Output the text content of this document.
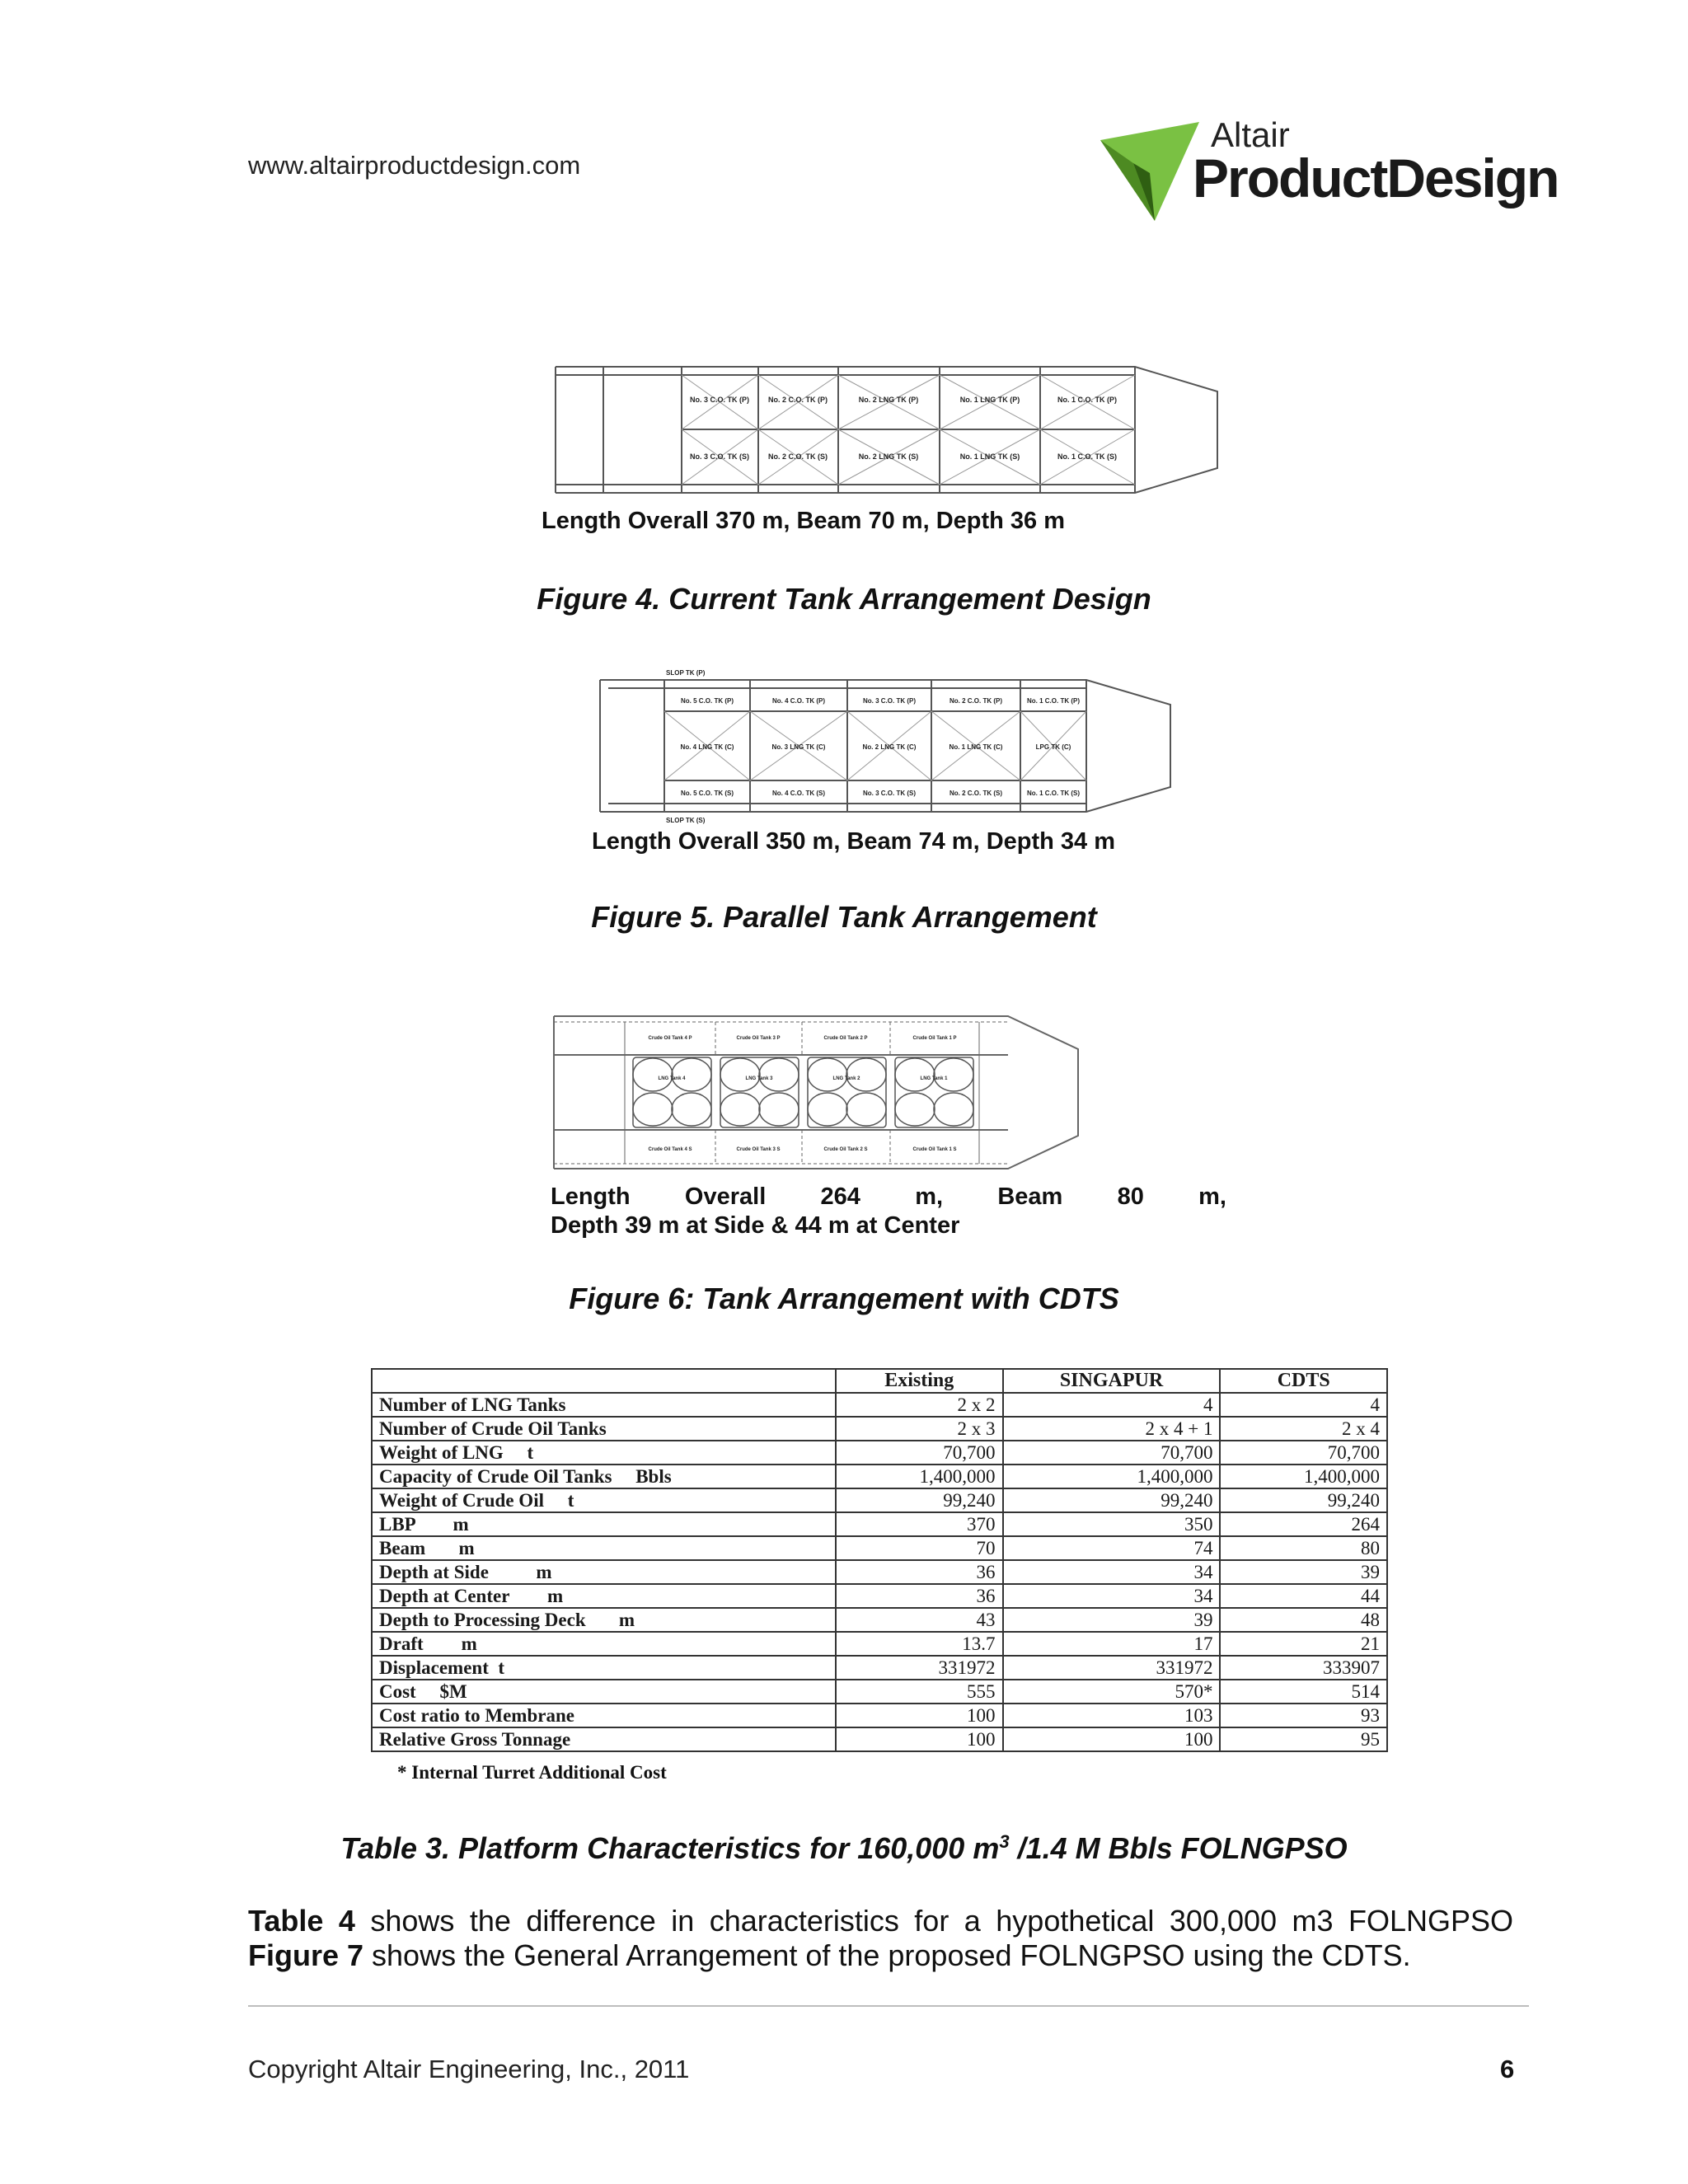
www.altairproductdesign.com
Altair
ProductDesign
No. 3 C.O. TK (P)	No. 2 C.O. TK (P)	No. 2 LNG TK (P)	No. 1 LNG TK (P)	No. 1 C.O. TK (P)
No. 3 C.O. TK (S)	No. 2 C.O. TK (S)	No. 2 LNG TK (S)	No. 1 LNG TK (S)	No. 1 C.O. TK (S)
Length Overall 370 m, Beam 70 m, Depth 36 m
Figure 4. Current Tank Arrangement Design
SLOP TK (P)
SLOP TK (S)
No. 5 C.O. TK (P)	No. 4 C.O. TK (P)	No. 3 C.O. TK (P)	No. 2 C.O. TK (P)	No. 1 C.O. TK (P)
No. 4 LNG TK (C)	No. 3 LNG TK (C)	No. 2 LNG TK (C)	No. 1 LNG TK (C)	LPG TK (C)
No. 5 C.O. TK (S)	No. 4 C.O. TK (S)	No. 3 C.O. TK (S)	No. 2 C.O. TK (S)	No. 1 C.O. TK (S)
Length Overall 350 m, Beam 74 m, Depth 34 m
Figure 5. Parallel Tank Arrangement
Crude Oil Tank 4 P	Crude Oil Tank 3 P	Crude Oil Tank 2 P	Crude Oil Tank 1 P
LNG Tank 4	LNG Tank 3	LNG Tank 2	LNG Tank 1
Crude Oil Tank 4 S	Crude Oil Tank 3 S	Crude Oil Tank 2 S	Crude Oil Tank 1 S
Length Overall 264 m, Beam 80 m,
Depth 39 m at Side & 44 m at Center
Figure 6: Tank Arrangement with CDTS
	Existing	SINGAPUR	CDTS
Number of LNG Tanks	2 x 2	4	4
Number of Crude Oil Tanks	2 x 3	2 x 4 + 1	2 x 4
Weight of LNG     t	70,700	70,700	70,700
Capacity of Crude Oil Tanks     Bbls	1,400,000	1,400,000	1,400,000
Weight of Crude Oil     t	99,240	99,240	99,240
LBP        m	370	350	264
Beam       m	70	74	80
Depth at Side          m	36	34	39
Depth at Center        m	36	34	44
Depth to Processing Deck       m	43	39	48
Draft        m	13.7	17	21
Displacement  t	331972	331972	333907
Cost     $M	555	570*	514
Cost ratio to Membrane	100	103	93
Relative Gross Tonnage	100	100	95
* Internal Turret Additional Cost
Table 3. Platform Characteristics for 160,000 $m^3$ /1.4 M Bbls FOLNGPSO
Table 4 shows the difference in characteristics for a hypothetical 300,000 m3 FOLNGPSO
Figure 7 shows the General Arrangement of the proposed FOLNGPSO using the CDTS.
Copyright Altair Engineering, Inc., 2011	6
